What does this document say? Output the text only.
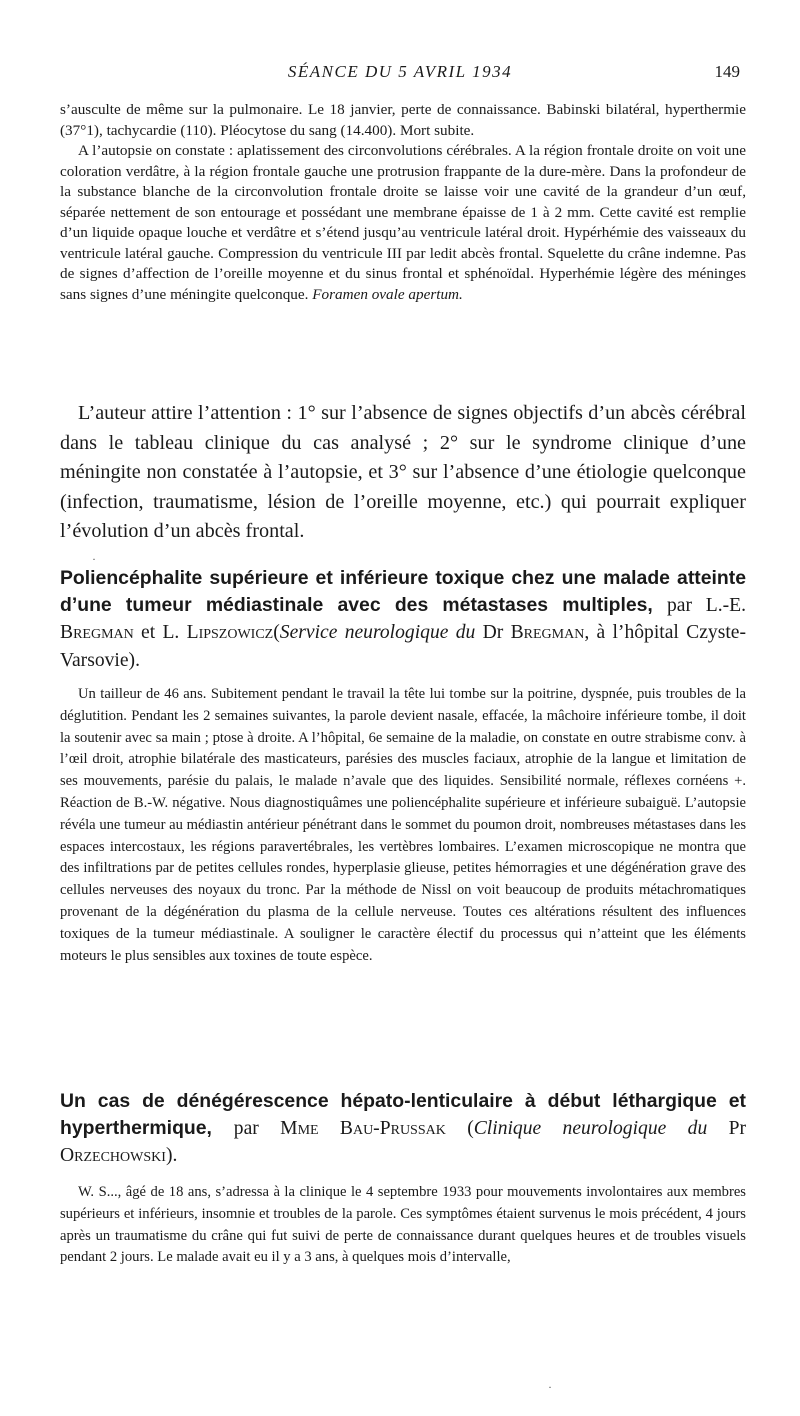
SÉANCE DU 5 AVRIL 1934	149

s’ausculte de même sur la pulmonaire. Le 18 janvier, perte de connaissance. Babinski bilatéral, hyperthermie (37°1), tachycardie (110). Pléocytose du sang (14.400). Mort subite.

A l’autopsie on constate : aplatissement des circonvolutions cérébrales. A la région frontale droite on voit une coloration verdâtre, à la région frontale gauche une protrusion frappante de la dure-mère. Dans la profondeur de la substance blanche de la circonvolution frontale droite se laisse voir une cavité de la grandeur d’un œuf, séparée nettement de son entourage et possédant une membrane épaisse de 1 à 2 mm. Cette cavité est remplie d’un liquide opaque louche et verdâtre et s’étend jusqu’au ventricule latéral droit. Hypérhémie des vaisseaux du ventricule latéral gauche. Compression du ventricule III par ledit abcès frontal. Squelette du crâne indemne. Pas de signes d’affection de l’oreille moyenne et du sinus frontal et sphénoïdal. Hyperhémie légère des méninges sans signes d’une méningite quelconque. Foramen ovale apertum.

L’auteur attire l’attention : 1° sur l’absence de signes objectifs d’un abcès cérébral dans le tableau clinique du cas analysé ; 2° sur le syndrome clinique d’une méningite non constatée à l’autopsie, et 3° sur l’absence d’une étiologie quelconque (infection, traumatisme, lésion de l’oreille moyenne, etc.) qui pourrait expliquer l’évolution d’un abcès frontal.

·
Poliencéphalite supérieure et inférieure toxique chez une malade atteinte d’une tumeur médiastinale avec des métastases multiples, par L.-E. Bregman et L. Lipszowicz(Service neurologique du Dr Bregman, à l’hôpital Czyste-Varsovie).

Un tailleur de 46 ans. Subitement pendant le travail la tête lui tombe sur la poitrine, dyspnée, puis troubles de la déglutition. Pendant les 2 semaines suivantes, la parole devient nasale, effacée, la mâchoire inférieure tombe, il doit la soutenir avec sa main ; ptose à droite. A l’hôpital, 6e semaine de la maladie, on constate en outre strabisme conv. à l’œil droit, atrophie bilatérale des masticateurs, parésies des muscles faciaux, atrophie de la langue et limitation de ses mouvements, parésie du palais, le malade n’avale que des liquides. Sensibilité normale, réflexes cornéens +. Réaction de B.-W. négative. Nous diagnostiquâmes une poliencéphalite supérieure et inférieure subaiguë. L’autopsie révéla une tumeur au médiastin antérieur pénétrant dans le sommet du poumon droit, nombreuses métastases dans les espaces intercostaux, les régions paravertébrales, les vertèbres lombaires. L’examen microscopique ne montra que des infiltrations par de petites cellules rondes, hyperplasie glieuse, petites hémorragies et une dégénération grave des cellules nerveuses des noyaux du tronc. Par la méthode de Nissl on voit beaucoup de produits métachromatiques provenant de la dégénération du plasma de la cellule nerveuse. Toutes ces altérations résultent des influences toxiques de la tumeur médiastinale. A souligner le caractère électif du processus qui n’atteint que les éléments moteurs le plus sensibles aux toxines de toute espèce.

Un cas de dénégérescence hépato-lenticulaire à début léthargique et hyperthermique, par Mme Bau-Prussak (Clinique neurologique du Pr Orzechowski).

W. S..., âgé de 18 ans, s’adressa à la clinique le 4 septembre 1933 pour mouvements involontaires aux membres supérieurs et inférieurs, insomnie et troubles de la parole. Ces symptômes étaient survenus le mois précédent, 4 jours après un traumatisme du crâne qui fut suivi de perte de connaissance durant quelques heures et de troubles visuels pendant 2 jours. Le malade avait eu il y a 3 ans, à quelques mois d’intervalle,

·
